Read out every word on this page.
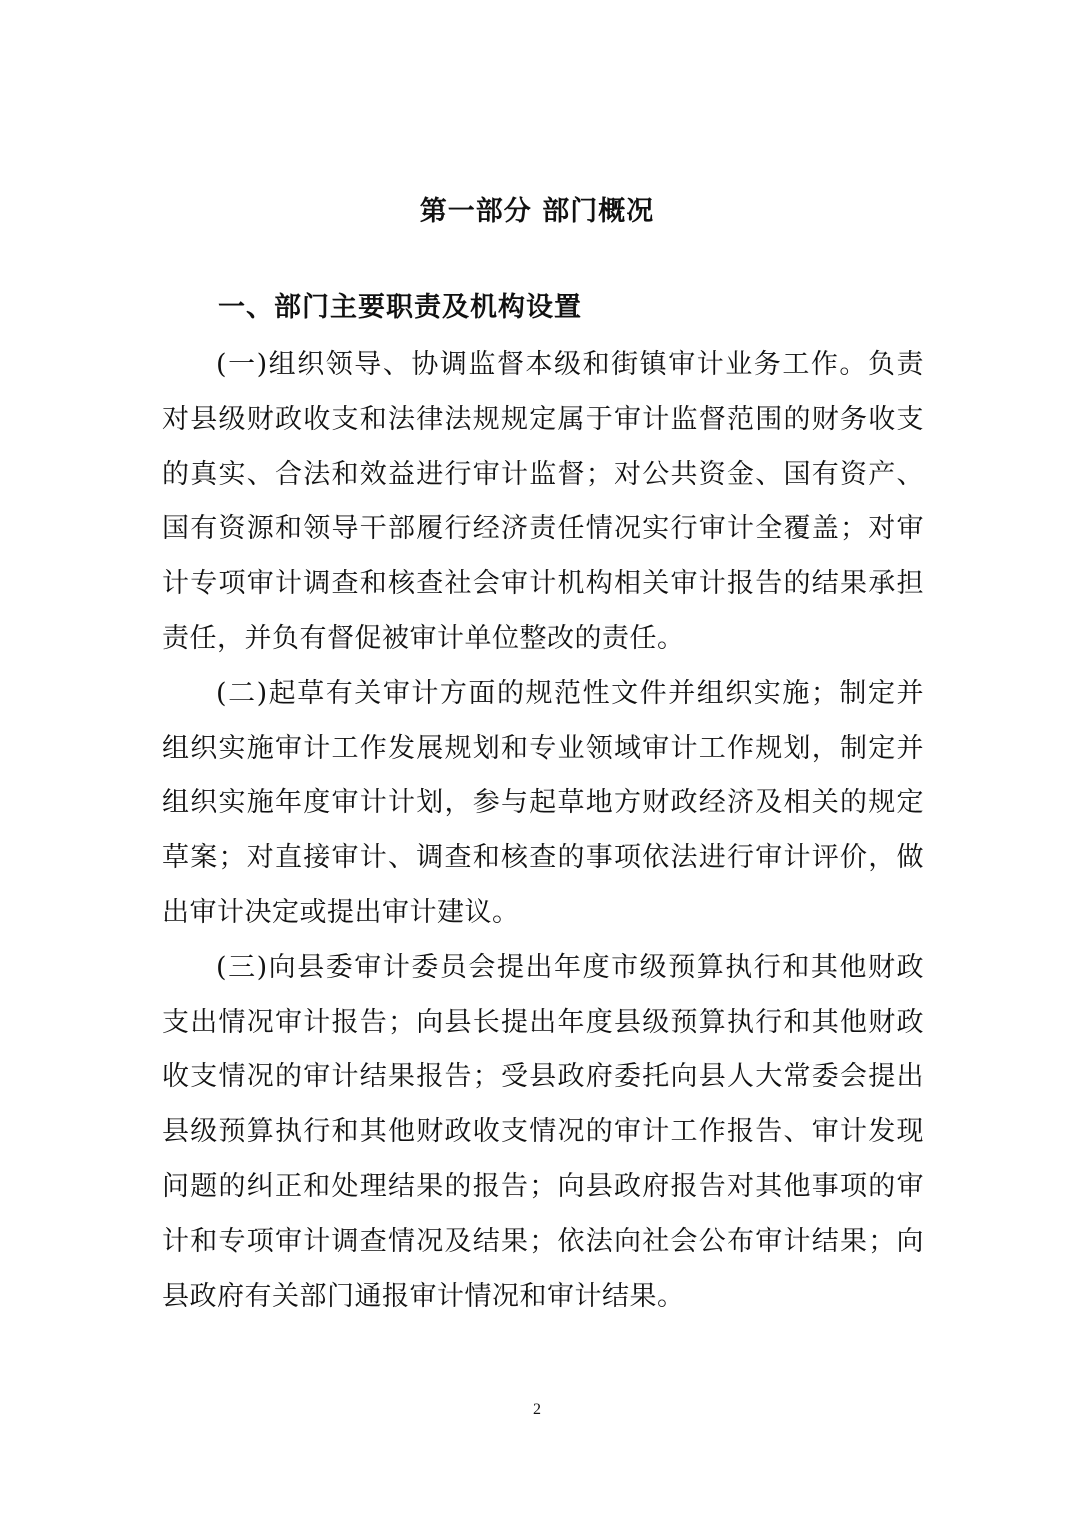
第一部分 部门概况
一、部门主要职责及机构设置

(一)组织领导、协调监督本级和街镇审计业务工作。负责对县级财政收支和法律法规规定属于审计监督范围的财务收支的真实、合法和效益进行审计监督；对公共资金、国有资产、国有资源和领导干部履行经济责任情况实行审计全覆盖；对审计专项审计调查和核查社会审计机构相关审计报告的结果承担责任，并负有督促被审计单位整改的责任。

(二)起草有关审计方面的规范性文件并组织实施；制定并组织实施审计工作发展规划和专业领域审计工作规划，制定并组织实施年度审计计划，参与起草地方财政经济及相关的规定草案；对直接审计、调查和核查的事项依法进行审计评价，做出审计决定或提出审计建议。

(三)向县委审计委员会提出年度市级预算执行和其他财政支出情况审计报告；向县长提出年度县级预算执行和其他财政收支情况的审计结果报告；受县政府委托向县人大常委会提出县级预算执行和其他财政收支情况的审计工作报告、审计发现问题的纠正和处理结果的报告；向县政府报告对其他事项的审计和专项审计调查情况及结果；依法向社会公布审计结果；向县政府有关部门通报审计情况和审计结果。

2
